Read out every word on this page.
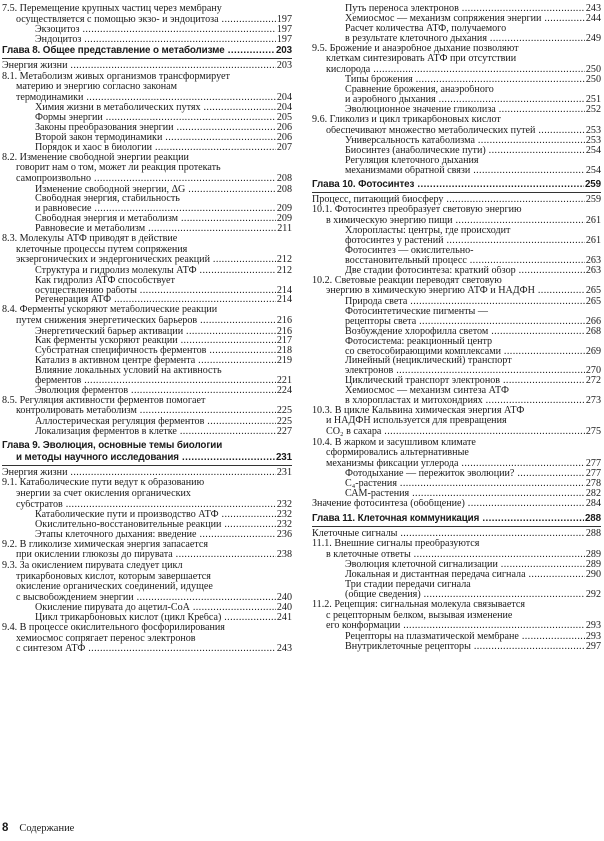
7.5. Перемещение крупных частиц через мембрану
осуществляется с помощью экзо- и эндоцитоза .....	197
Экзоцитоз .....	197
Эндоцитоз .....	197
Глава 8. Общее представление о метаболизме .....	203
Энергия жизни .....	203
8.1. Метаболизм живых организмов трансформирует
материю и энергию согласно законам
термодинамики .....	204
Химия жизни в метаболических путях .....	204
Формы энергии .....	205
Законы преобразования энергии .....	206
Второй закон термодинамики .....	206
Порядок и хаос в биологии .....	207
8.2. Изменение свободной энергии реакции
говорит нам о том, может ли реакция протекать
самопроизвольно .....	208
Изменение свободной энергии, ΔG .....	208
Свободная энергия, стабильность
и равновесие .....	209
Свободная энергия и метаболизм .....	209
Равновесие и метаболизм .....	211
8.3. Молекулы АТФ приводят в действие
клеточные процессы путем сопряжения
экзергонических и эндергонических реакций .....	212
Структура и гидролиз молекулы АТФ .....	212
Как гидролиз АТФ способствует
осуществлению работы .....	214
Регенерация АТФ .....	214
8.4. Ферменты ускоряют метаболические реакции
путем снижения энергетических барьеров .....	216
Энергетический барьер активации .....	216
Как ферменты ускоряют реакции .....	217
Субстратная специфичность ферментов .....	218
Катализ в активном центре фермента .....	219
Влияние локальных условий на активность
ферментов .....	221
Эволюция ферментов .....	224
8.5. Регуляция активности ферментов помогает
контролировать метаболизм .....	225
Аллостерическая регуляция ферментов .....	225
Локализация ферментов в клетке .....	227
Глава 9. Эволюция, основные темы биологии
и методы научного исследования .....	231
Энергия жизни .....	231
9.1. Катаболические пути ведут к образованию
энергии за счет окисления органических
субстратов .....	232
Катаболические пути и производство АТФ .....	232
Окислительно-восстановительные реакции .....	232
Этапы клеточного дыхания: введение .....	236
9.2. В гликолизе химическая энергия запасается
при окислении глюкозы до пирувата .....	238
9.3. За окислением пирувата следует цикл
трикарбоновых кислот, которым завершается
окисление органических соединений, идущее
с высвобождением энергии .....	240
Окисление пирувата до ацетил-СоА .....	240
Цикл трикарбоновых кислот (цикл Кребса) .....	241
9.4. В процессе окислительного фосфорилирования
хемиосмос сопрягает перенос электронов
с синтезом АТФ .....	243
Путь переноса электронов .....	243
Хемиосмос — механизм сопряжения энергии .....	244
Расчет количества АТФ, получаемого
в результате клеточного дыхания .....	249
9.5. Брожение и анаэробное дыхание позволяют
клеткам синтезировать АТФ при отсутствии
кислорода .....	250
Типы брожения .....	250
Сравнение брожения, анаэробного
и аэробного дыхания .....	251
Эволюционное значение гликолиза .....	252
9.6. Гликолиз и цикл трикарбоновых кислот
обеспечивают множество метаболических путей .....	253
Универсальность катаболизма .....	253
Биосинтез (анаболические пути) .....	254
Регуляция клеточного дыхания
механизмами обратной связи .....	254
Глава 10. Фотосинтез .....	259
Процесс, питающий биосферу .....	259
10.1. Фотосинтез преобразует световую энергию
в химическую энергию пищи .....	261
Хлоропласты: центры, где происходит
фотосинтез у растений .....	261
Фотосинтез — окислительно-
восстановительный процесс .....	263
Две стадии фотосинтеза: краткий обзор .....	263
10.2. Световые реакции переводят световую
энергию в химическую энергию АТФ и НАДФН .....	265
Природа света .....	265
Фотосинтетические пигменты —
рецепторы света .....	266
Возбуждение хлорофилла светом .....	268
Фотосистема: реакционный центр
со светособирающими комплексами .....	269
Линейный (нециклический) транспорт
электронов .....	270
Циклический транспорт электронов .....	272
Хемиосмос — механизм синтеза АТФ
в хлоропластах и митохондриях .....	273
10.3. В цикле Кальвина химическая энергия АТФ
и НАДФН используется для превращения
CO₂ в сахара .....	275
10.4. В жарком и засушливом климате
сформировались альтернативные
механизмы фиксации углерода .....	277
Фотодыхание — пережиток эволюции? .....	277
C₄-растения .....	278
САМ-растения .....	282
Значение фотосинтеза (обобщение) .....	284
Глава 11. Клеточная коммуникация .....	288
Клеточные сигналы .....	288
11.1. Внешние сигналы преобразуются
в клеточные ответы .....	289
Эволюция клеточной сигнализации .....	289
Локальная и дистантная передача сигнала .....	290
Три стадии передачи сигнала
(общие сведения) .....	292
11.2. Рецепция: сигнальная молекула связывается
с рецепторным белком, вызывая изменение
его конформации .....	293
Рецепторы на плазматической мембране .....	293
Внутриклеточные рецепторы .....	297
8 Содержание
